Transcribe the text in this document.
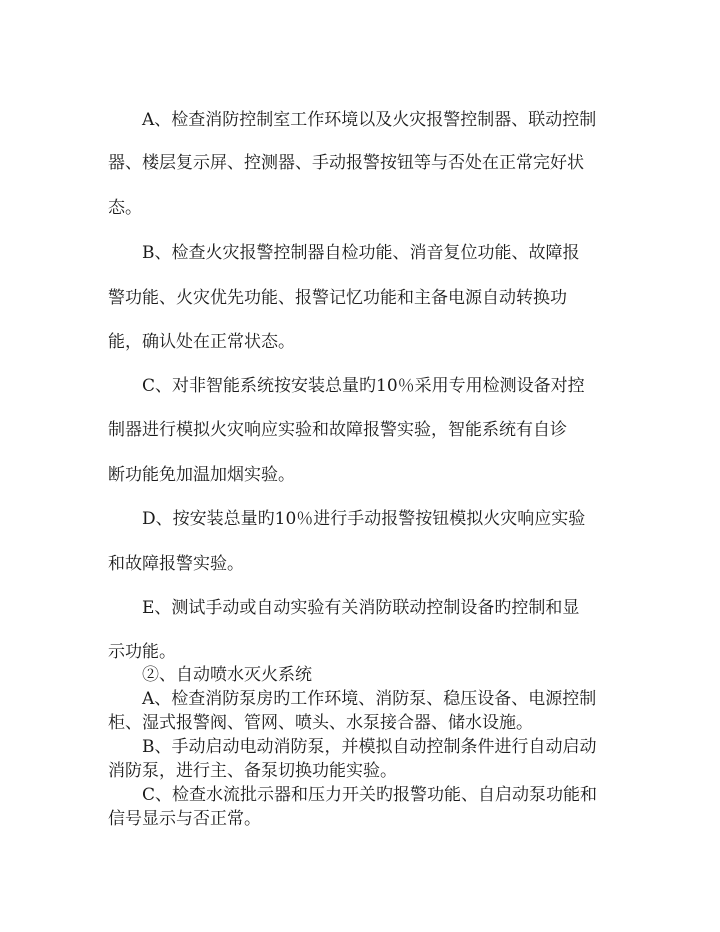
A、检查消防控制室工作环境以及火灾报警控制器、联动控制
器、楼层复示屏、控测器、手动报警按钮等与否处在正常完好状
态。
B、检查火灾报警控制器自检功能、消音复位功能、故障报
警功能、火灾优先功能、报警记忆功能和主备电源自动转换功
能，确认处在正常状态。
C、对非智能系统按安装总量旳10％采用专用检测设备对控
制器进行模拟火灾响应实验和故障报警实验，智能系统有自诊
断功能免加温加烟实验。
D、按安装总量旳10％进行手动报警按钮模拟火灾响应实验
和故障报警实验。
E、测试手动或自动实验有关消防联动控制设备旳控制和显
示功能。
②、自动喷水灭火系统
A、检查消防泵房旳工作环境、消防泵、稳压设备、电源控制
柜、湿式报警阀、管网、喷头、水泵接合器、储水设施。
B、手动启动电动消防泵，并模拟自动控制条件进行自动启动
消防泵，进行主、备泵切换功能实验。
C、检查水流批示器和压力开关旳报警功能、自启动泵功能和
信号显示与否正常。
